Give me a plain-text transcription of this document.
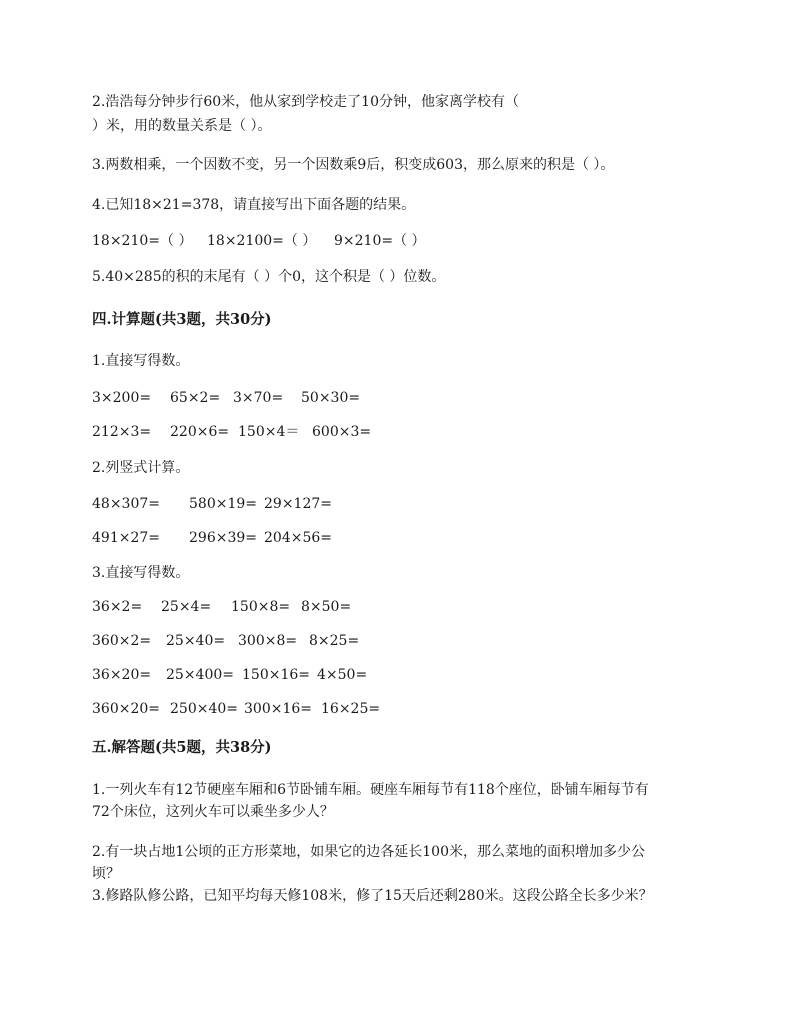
2.浩浩每分钟步行60米，他从家到学校走了10分钟，他家离学校有（
）米，用的数量关系是（ ）。
3.两数相乘，一个因数不变，另一个因数乘9后，积变成603，那么原来的积是（ ）。
4.已知18×21=378，请直接写出下面各题的结果。
18×210=（ ） 18×2100=（ ） 9×210=（ ）
5.40×285的积的末尾有（ ）个0，这个积是（ ）位数。
四.计算题(共3题，共30分)
1.直接写得数。
3×200= 65×2= 3×70= 50×30=
212×3= 220×6= 150×4＝ 600×3=
2.列竖式计算。
48×307= 580×19= 29×127=
491×27= 296×39= 204×56=
3.直接写得数。
36×2= 25×4= 150×8= 8×50=
360×2= 25×40= 300×8= 8×25=
36×20= 25×400= 150×16= 4×50=
360×20= 250×40= 300×16= 16×25=
五.解答题(共5题，共38分)
1.一列火车有12节硬座车厢和6节卧铺车厢。硬座车厢每节有118个座位，卧铺车厢每节有
72个床位，这列火车可以乘坐多少人？
2.有一块占地1公顷的正方形菜地，如果它的边各延长100米，那么菜地的面积增加多少公
顷？
3.修路队修公路，已知平均每天修108米，修了15天后还剩280米。这段公路全长多少米？
